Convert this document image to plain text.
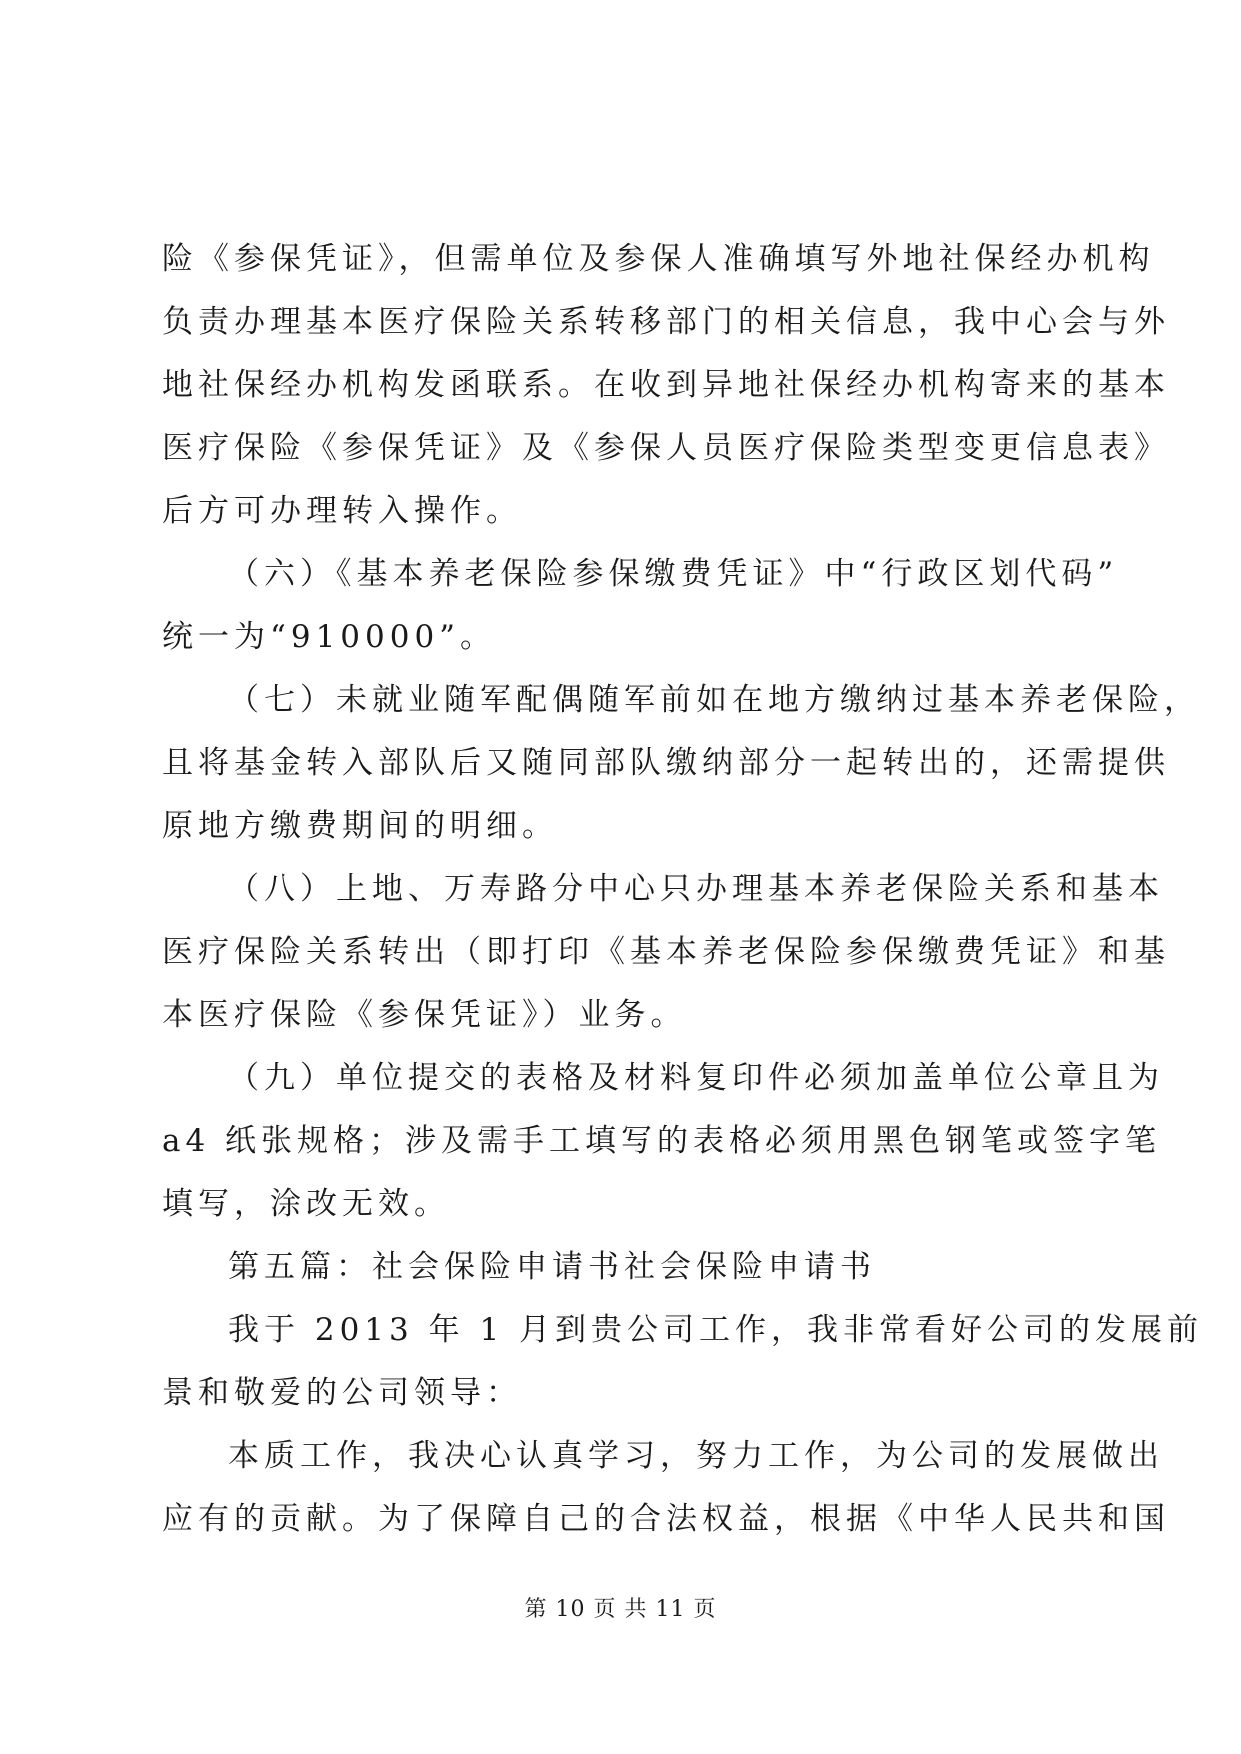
险《参保凭证》，但需单位及参保人准确填写外地社保经办机构
负责办理基本医疗保险关系转移部门的相关信息，我中心会与外
地社保经办机构发函联系。在收到异地社保经办机构寄来的基本
医疗保险《参保凭证》及《参保人员医疗保险类型变更信息表》
后方可办理转入操作。

（六）《基本养老保险参保缴费凭证》中“行政区划代码”
统一为“910000”。

（七）未就业随军配偶随军前如在地方缴纳过基本养老保险，
且将基金转入部队后又随同部队缴纳部分一起转出的，还需提供
原地方缴费期间的明细。

（八）上地、万寿路分中心只办理基本养老保险关系和基本
医疗保险关系转出（即打印《基本养老保险参保缴费凭证》和基
本医疗保险《参保凭证》）业务。

（九）单位提交的表格及材料复印件必须加盖单位公章且为
a4 纸张规格；涉及需手工填写的表格必须用黑色钢笔或签字笔
填写，涂改无效。

第五篇：社会保险申请书社会保险申请书

我于 2013 年 1 月到贵公司工作，我非常看好公司的发展前
景和敬爱的公司领导：

本质工作，我决心认真学习，努力工作，为公司的发展做出
应有的贡献。为了保障自己的合法权益，根据《中华人民共和国

第 10 页 共 11 页
